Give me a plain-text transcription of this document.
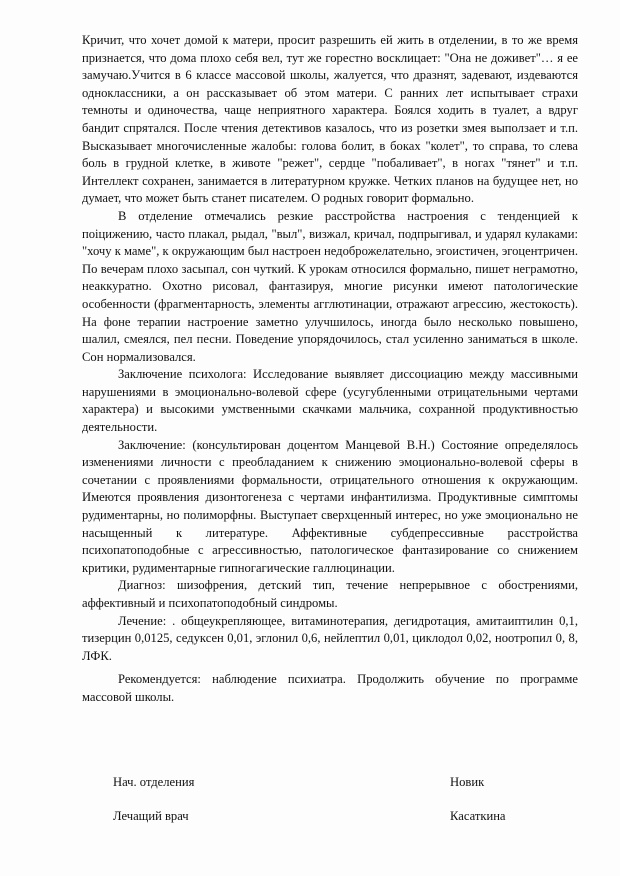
Кричит, что хочет домой к матери, просит разрешить ей жить в отделении, в то же время признается, что дома плохо себя вел, тут же горестно восклицает: "Она не доживет"… я ее замучаю.Учится в 6 классе массовой школы, жалуется, что дразнят, задевают, издеваются одноклассники, а он рассказывает об этом матери. С ранних лет испытывает страхи темноты и одиночества, чаще неприятного характера. Боялся ходить в туалет, а вдруг бандит спрятался. После чтения детективов казалось, что из розетки змея выползает и т.п. Высказывает многочисленные жалобы: голова болит, в боках "колет", то справа, то слева боль в грудной клетке, в животе "режет", сердце "побаливает", в ногах "тянет" и т.п. Интеллект сохранен, занимается в литературном кружке. Четких планов на будущее нет, но думает, что может быть станет писателем. О родных говорит формально.

В отделение отмечались резкие расстройства настроения с тенденцией к поіцижению, часто плакал, рыдал, "выл", визжал, кричал, подпрыгивал, и ударял кулаками: "хочу к маме", к окружающим был настроен недоброжелательно, эгоистичен, эгоцентричен. По вечерам плохо засыпал, сон чуткий. К урокам относился формально, пишет неграмотно, неаккуратно. Охотно рисовал, фантазируя, многие рисунки имеют патологические особенности (фрагментарность, элементы агглютинации, отражают агрессию, жестокость). На фоне терапии настроение заметно улучшилось, иногда было несколько повышено, шалил, смеялся, пел песни. Поведение упорядочилось, стал усиленно заниматься в школе. Сон нормализовался.

Заключение психолога: Исследование выявляет диссоциацию между массивными нарушениями в эмоционально-волевой сфере (усугубленными отрицательными чертами характера) и высокими умственными скачками мальчика, сохранной продуктивностью деятельности.

Заключение: (консультирован доцентом Манцевой В.Н.) Состояние определялось изменениями личности с преобладанием к снижению эмоционально-волевой сферы в сочетании с проявлениями формальности, отрицательного отношения к окружающим. Имеются проявления дизонтогенеза с чертами инфантилизма. Продуктивные симптомы рудиментарны, но полиморфны. Выступает сверхценный интерес, но уже эмоционально не насыщенный к литературе. Аффективные субдепрессивные расстройства психопатоподобные с агрессивностью, патологическое фантазирование со снижением критики, рудиментарные гипногагические галлюцинации.

Диагноз: шизофрения, детский тип, течение непрерывное с обострениями, аффективный и психопатоподобный синдромы.

Лечение: . общеукрепляющее, витаминотерапия, дегидротация, амитаиптилин 0,1, тизерцин 0,0125, седуксен 0,01, эглонил 0,6, нейлептил 0,01, циклодол 0,02, ноотропил 0, 8, ЛФК.

Рекомендуется: наблюдение психиатра. Продолжить обучение по программе массовой школы.

Нач. отделения	Новик
Лечащий врач	Касаткина
